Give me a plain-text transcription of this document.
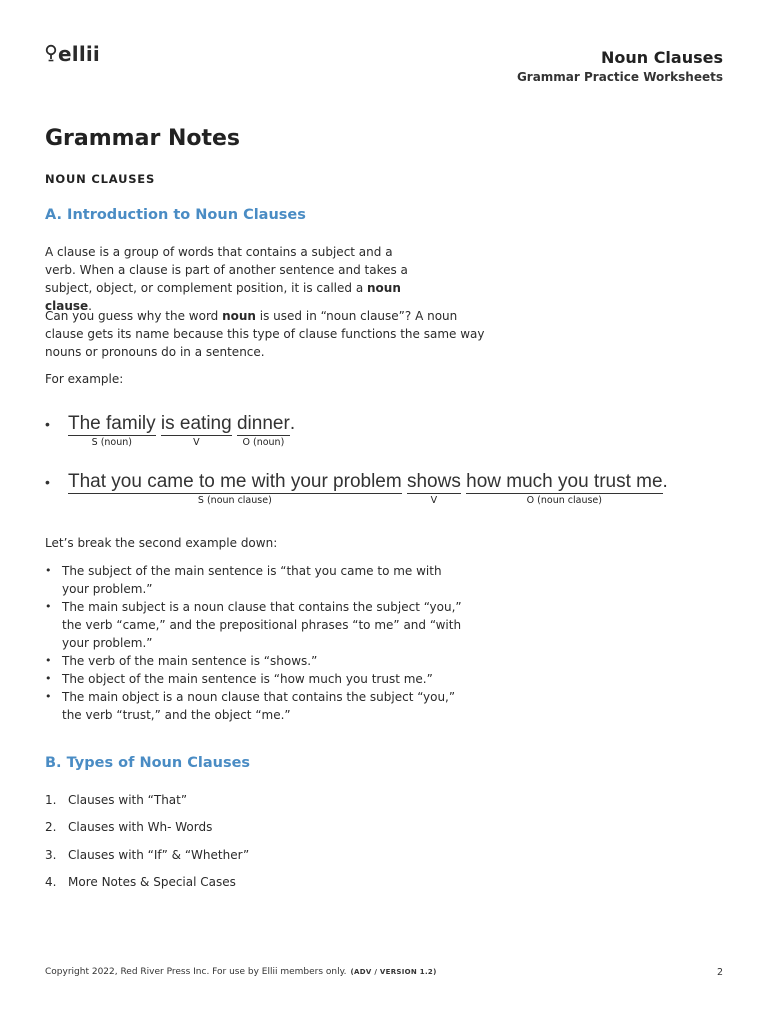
ellii	Noun Clauses
Grammar Practice Worksheets
Grammar Notes
NOUN CLAUSES
A. Introduction to Noun Clauses

A clause is a group of words that contains a subject and a verb. When a clause is part of another sentence and takes a subject, object, or complement position, it is called a noun clause.

Can you guess why the word noun is used in “noun clause”? A noun clause gets its name because this type of clause functions the same way nouns or pronouns do in a sentence.

For example:

• The family
S (noun)
is eating
V
dinner
O (noun)
.
• That you came to me with your problem
S (noun clause)
shows
V
how much you trust me
O (noun clause)
.

Let’s break the second example down:

• The subject of the main sentence is “that you came to me with your problem.”
• The main subject is a noun clause that contains the subject “you,” the verb “came,” and the prepositional phrases “to me” and “with your problem.”
• The verb of the main sentence is “shows.”
• The object of the main sentence is “how much you trust me.”
• The main object is a noun clause that contains the subject “you,” the verb “trust,” and the object “me.”
B. Types of Noun Clauses
1. Clauses with “That”
2. Clauses with Wh- Words
3. Clauses with “If” & “Whether”
4. More Notes & Special Cases
Copyright 2022, Red River Press Inc. For use by Ellii members only. (ADV / VERSION 1.2)	2
